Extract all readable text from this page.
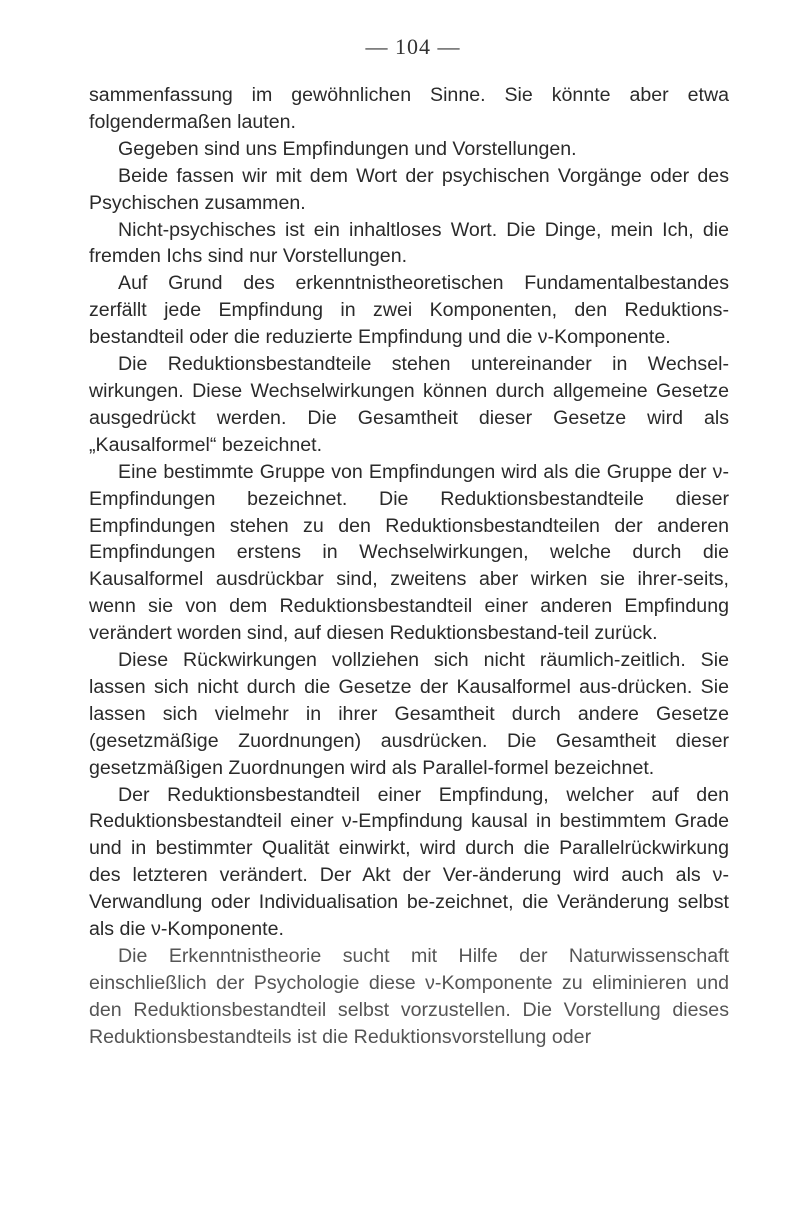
— 104 —

sammenfassung im gewöhnlichen Sinne. Sie könnte aber etwa folgendermaßen lauten.

Gegeben sind uns Empfindungen und Vorstellungen.

Beide fassen wir mit dem Wort der psychischen Vorgänge oder des Psychischen zusammen.

Nicht-psychisches ist ein inhaltloses Wort. Die Dinge, mein Ich, die fremden Ichs sind nur Vorstellungen.

Auf Grund des erkenntnistheoretischen Fundamentalbestandes zerfällt jede Empfindung in zwei Komponenten, den Reduktions-bestandteil oder die reduzierte Empfindung und die ν-Komponente.

Die Reduktionsbestandteile stehen untereinander in Wechsel-wirkungen. Diese Wechselwirkungen können durch allgemeine Gesetze ausgedrückt werden. Die Gesamtheit dieser Gesetze wird als „Kausalformel“ bezeichnet.

Eine bestimmte Gruppe von Empfindungen wird als die Gruppe der ν-Empfindungen bezeichnet. Die Reduktionsbestandteile dieser Empfindungen stehen zu den Reduktionsbestandteilen der anderen Empfindungen erstens in Wechselwirkungen, welche durch die Kausalformel ausdrückbar sind, zweitens aber wirken sie ihrer-seits, wenn sie von dem Reduktionsbestandteil einer anderen Empfindung verändert worden sind, auf diesen Reduktionsbestand-teil zurück.

Diese Rückwirkungen vollziehen sich nicht räumlich-zeitlich. Sie lassen sich nicht durch die Gesetze der Kausalformel aus-drücken. Sie lassen sich vielmehr in ihrer Gesamtheit durch andere Gesetze (gesetzmäßige Zuordnungen) ausdrücken. Die Gesamtheit dieser gesetzmäßigen Zuordnungen wird als Parallel-formel bezeichnet.

Der Reduktionsbestandteil einer Empfindung, welcher auf den Reduktionsbestandteil einer ν-Empfindung kausal in bestimmtem Grade und in bestimmter Qualität einwirkt, wird durch die Parallelrückwirkung des letzteren verändert. Der Akt der Ver-änderung wird auch als ν-Verwandlung oder Individualisation be-zeichnet, die Veränderung selbst als die ν-Komponente.

Die Erkenntnistheorie sucht mit Hilfe der Naturwissenschaft einschließlich der Psychologie diese ν-Komponente zu eliminieren und den Reduktionsbestandteil selbst vorzustellen. Die Vorstellung dieses Reduktionsbestandteils ist die Reduktionsvorstellung oder
